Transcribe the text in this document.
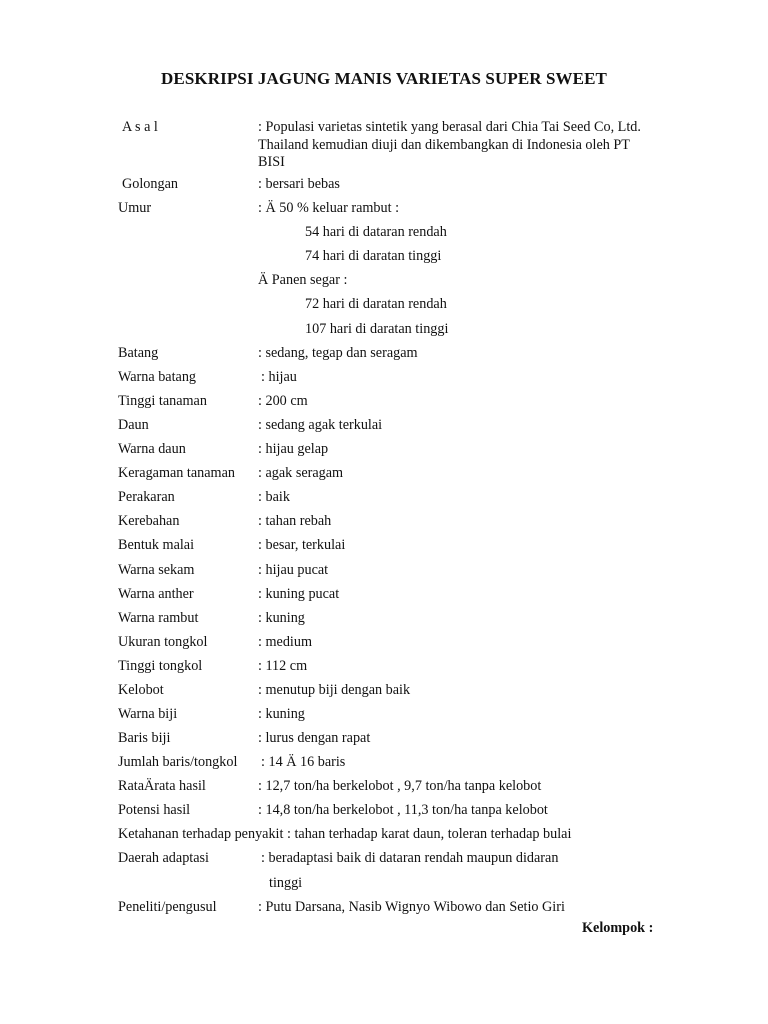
DESKRIPSI JAGUNG MANIS VARIETAS SUPER SWEET
A s a l	: Populasi varietas sintetik yang berasal dari Chia Tai Seed Co, Ltd. Thailand kemudian diuji dan dikembangkan di Indonesia oleh PT BISI
Golongan	: bersari bebas
Umur	: Ä 50 % keluar rambut :
54 hari di dataran rendah
74 hari di daratan tinggi
Ä Panen segar :
72 hari di daratan rendah
107 hari di daratan tinggi
Batang	: sedang, tegap dan seragam
Warna batang	: hijau
Tinggi tanaman	: 200 cm
Daun	: sedang agak terkulai
Warna daun	: hijau gelap
Keragaman tanaman : agak seragam
Perakaran	: baik
Kerebahan	: tahan rebah
Bentuk malai	: besar, terkulai
Warna sekam	: hijau pucat
Warna anther	: kuning pucat
Warna rambut	: kuning
Ukuran tongkol	: medium
Tinggi tongkol	: 112 cm
Kelobot	: menutup biji dengan baik
Warna biji	: kuning
Baris biji	: lurus dengan rapat
Jumlah baris/tongkol : 14 Ä 16 baris
RataÄrata hasil	: 12,7 ton/ha berkelobot , 9,7 ton/ha tanpa kelobot
Potensi hasil	: 14,8 ton/ha berkelobot , 11,3 ton/ha tanpa kelobot
Ketahanan terhadap penyakit : tahan terhadap karat daun, toleran terhadap bulai
Daerah adaptasi	: beradaptasi baik di dataran rendah maupun didaran
tinggi
Peneliti/pengusul	: Putu Darsana, Nasib Wignyo Wibowo dan Setio Giri
Kelompok :
